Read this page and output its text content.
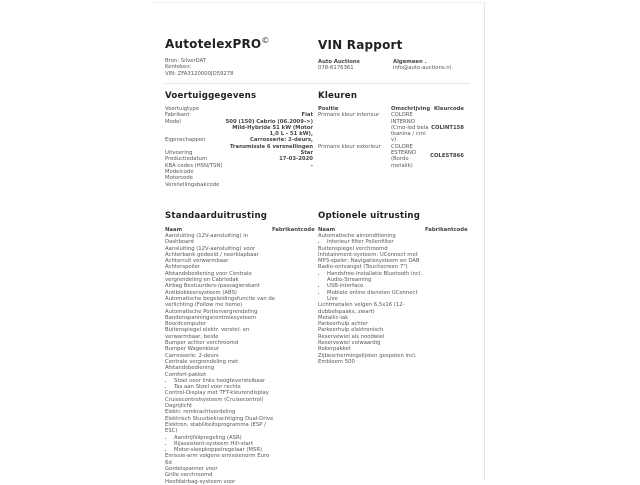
AutotelexPRO©
Bron: SilverDAT
Kenteken:
VIN: ZFA3120000JD59278
VIN Rapport
Auto Auctions
078-6176361
Algemeen .
info@auto-auctions.nl
Voertuiggegevens
Voertuigtype	
Fabrikant	Fiat
Model	500 (150) Cabrio (06.2009->) Mild-Hybride 51 kW (Motor 1,0 L - 51 kW),
Eigenschappen	Carrosserie: 2-deurs, Transmissie 6 versnellingen
Uitvoering	Star
Productiedatum	17-03-2020
KBA codes (HSN/TSN)	-
Modelcode	
Motorcode	
Versnellingsbakcode	
Kleuren
Positie	Omschrijving	Kleurcode
Primaire kleur interieur	COLORE INTERNO (Crno-led bela tkanina / crni v)	COLINT158
Primaire kleur exterieur	COLORE ESTERNO (Bordo metalik)	COLEST866
Standaarduitrusting
Naam	Fabrikantcode
Aansluiting (12V-aansluiting) in Dashboard
Aansluiting (12V-aansluiting) voor
Achterbank gedeeld / neerklapbaar
Achterruit verwarmbaar
Achterspoiler
Afstandsbediening voor Centrale vergrendeling en Cabriodak
Airbag Bestuurders-/passagierskant
Antiblokkeersysteem (ABS)
Automatische begeleidingsfunctie van de verlichting (Follow me home)
Automatische Portiervergrendeling
Bandenspanningscontrolesysteem
Boordcomputer
Buitenspiegel elektr. verstel- en verwarmbaar, beide
Bumper achter verchroomd
Bumper Wagenkleur
Carrosserie: 2-deurs
Centrale vergrendeling met Afstandsbediening
Comfort-pakket
• Stoel voor links hoogteverstelbaar
• Tas aan Stoel voor rechts
Control-Display met TFT-kleurendisplay
Cruisecontrolsysteem (Cruisecontrol)
Dagrijlicht
Elektr. remkrachtverdeling
Elektrisch Stuurbekrachtiging Dual-Drive
Elektron. stabiliteitsprogramma (ESP / ESC)
• Aandrijfslipregeling (ASR)
• Rijassistent-systeem Hill-start
• Motor-sleepkoppelregelaar (MSR)
Emissie-arm volgens emissienorm Euro 6d
Gordelspanner voor
Grille verchroomd
Hoofdairbag-systeem voor
Optionele uitrusting
Naam	Fabrikantcode
Automatische airconditioning
• Interieur filter Pollenfilter
Buitenspiegel verchroomd
Infotainment-systeem: UConnect met MP3-speler, Navigatiesysteem en DAB Radio-ontvangst (Touchscreen 7")
• Handsfree-installatie Bluetooth incl. Audio-Streaming
• USB-interface
• Mobiele online diensten UConnect Live
Lichtmetalen velgen 6,5x16 (12-dubbelspaaks, zwart)
Metallic-lak
Parkeerhulp achter
Parkeerhulp elektronisch
Reservewiel als noodwiel
Reservewiel volwaardig
Rokerpakket
Zijbeschermingslijsten gespoten incl. Embleem 500
